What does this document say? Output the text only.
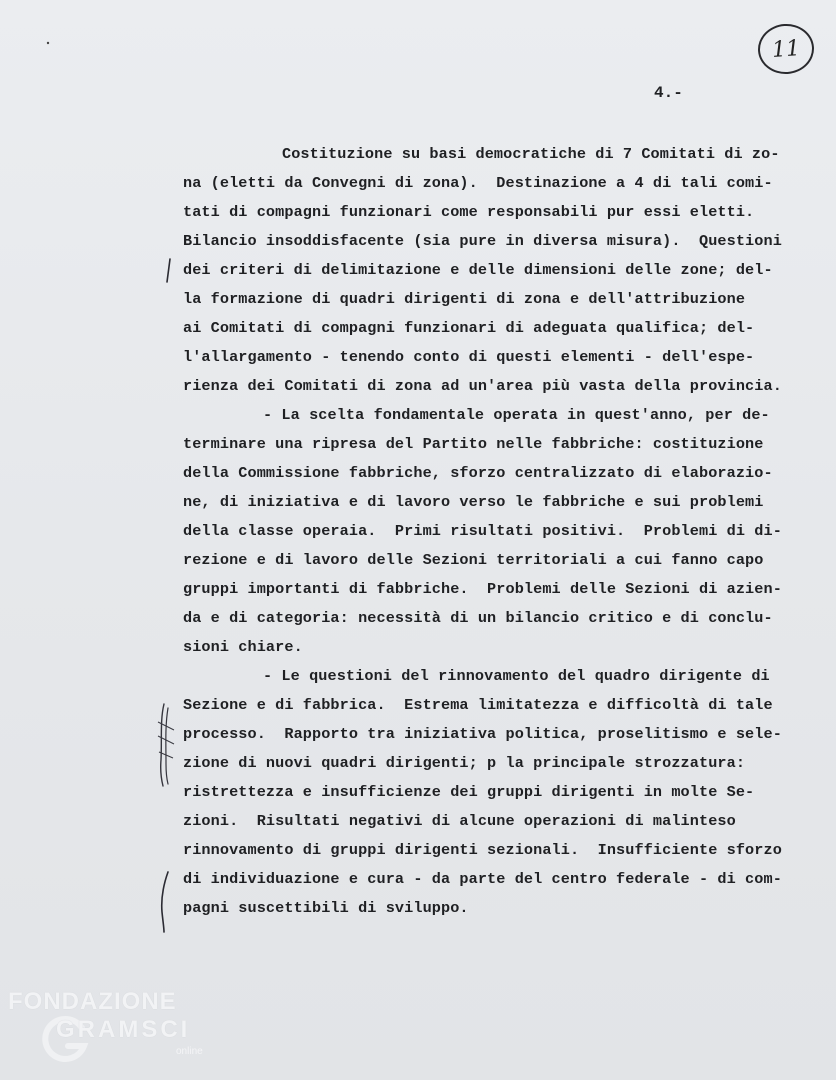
11
4.-
Costituzione su basi democratiche di 7 Comitati di zo-
na (eletti da Convegni di zona).  Destinazione a 4 di tali comi-
tati di compagni funzionari come responsabili pur essi eletti.
Bilancio insoddisfacente (sia pure in diversa misura).  Questioni
dei criteri di delimitazione e delle dimensioni delle zone; del-
la formazione di quadri dirigenti di zona e dell'attribuzione
ai Comitati di compagni funzionari di adeguata qualifica; del-
l'allargamento - tenendo conto di questi elementi - dell'espe-
rienza dei Comitati di zona ad un'area più vasta della provincia.
- La scelta fondamentale operata in quest'anno, per de-
terminare una ripresa del Partito nelle fabbriche: costituzione
della Commissione fabbriche, sforzo centralizzato di elaborazio-
ne, di iniziativa e di lavoro verso le fabbriche e sui problemi
della classe operaia.  Primi risultati positivi.  Problemi di di-
rezione e di lavoro delle Sezioni territoriali a cui fanno capo
gruppi importanti di fabbriche.  Problemi delle Sezioni di azien-
da e di categoria: necessità di un bilancio critico e di conclu-
sioni chiare.
- Le questioni del rinnovamento del quadro dirigente di
Sezione e di fabbrica.  Estrema limitatezza e difficoltà di tale
processo.  Rapporto tra iniziativa politica, proselitismo e sele-
zione di nuovi quadri dirigenti; p la principale strozzatura:
ristrettezza e insufficienze dei gruppi dirigenti in molte Se-
zioni.  Risultati negativi di alcune operazioni di malinteso
rinnovamento di gruppi dirigenti sezionali.  Insufficiente sforzo
di individuazione e cura - da parte del centro federale - di com-
pagni suscettibili di sviluppo.
FONDAZIONE
GRAMSCI
online
